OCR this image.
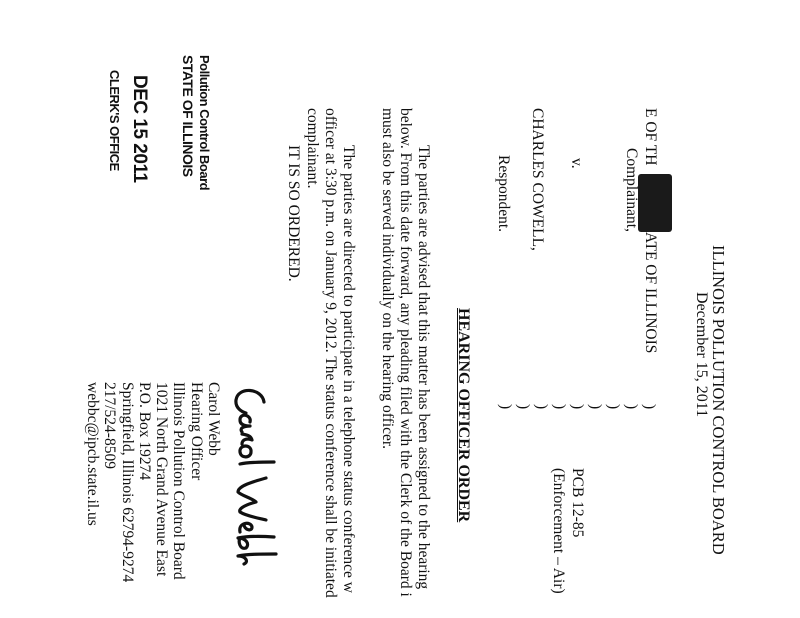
ILLINOIS POLLUTION CONTROL BOARD
December 15, 2011
CLERK'S OFFICE DEC 15 2011 STATE OF ILLINOIS Pollution Control Board	E OF TH
ATE OF ILLINOIS
Complainant,
v.
CHARLES COWELL,
Respondent.
)
)
)
)
)
)
)
)
)
PCB 12-85
(Enforcement – Air)
HEARING OFFICER ORDER
The parties are advised that this matter has been assigned to the hearing
below. From this date forward, any pleading filed with the Clerk of the Board i
must also be served individually on the hearing officer.
The parties are directed to participate in a telephone status conference w
officer at 3:30 p.m. on January 9, 2012. The status conference shall be initiated
complainant.
IT IS SO ORDERED.
Carol Webb
Hearing Officer
Illinois Pollution Control Board
1021 North Grand Avenue East
P.O. Box 19274
Springfield, Illinois 62794-9274
217/524-8509
webbc@ipcb.state.il.us
